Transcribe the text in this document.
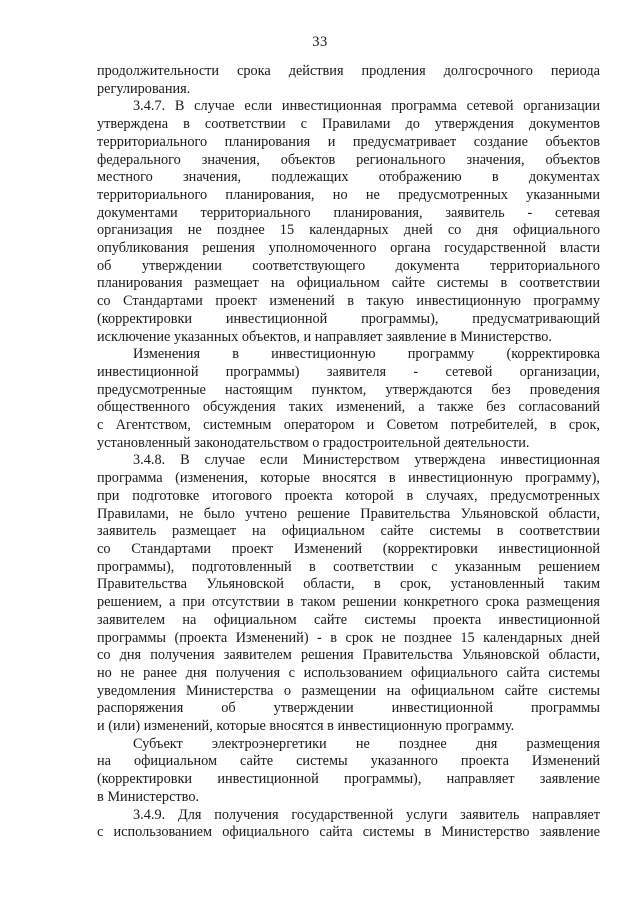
33
продолжительности срока действия продления долгосрочного периода
регулирования.
3.4.7. В случае если инвестиционная программа сетевой организации
утверждена в соответствии с Правилами до утверждения документов
территориального планирования и предусматривает создание объектов
федерального значения, объектов регионального значения, объектов
местного значения, подлежащих отображению в документах
территориального планирования, но не предусмотренных указанными
документами территориального планирования, заявитель - сетевая
организация не позднее 15 календарных дней со дня официального
опубликования решения уполномоченного органа государственной власти
об утверждении соответствующего документа территориального
планирования размещает на официальном сайте системы в соответствии
со Стандартами проект изменений в такую инвестиционную программу
(корректировки инвестиционной программы), предусматривающий
исключение указанных объектов, и направляет заявление в Министерство.
Изменения в инвестиционную программу (корректировка
инвестиционной программы) заявителя - сетевой организации,
предусмотренные настоящим пунктом, утверждаются без проведения
общественного обсуждения таких изменений, а также без согласований
с Агентством, системным оператором и Советом потребителей, в срок,
установленный законодательством о градостроительной деятельности.
3.4.8. В случае если Министерством утверждена инвестиционная
программа (изменения, которые вносятся в инвестиционную программу),
при подготовке итогового проекта которой в случаях, предусмотренных
Правилами, не было учтено решение Правительства Ульяновской области,
заявитель размещает на официальном сайте системы в соответствии
со Стандартами проект Изменений (корректировки инвестиционной
программы), подготовленный в соответствии с указанным решением
Правительства Ульяновской области, в срок, установленный таким
решением, а при отсутствии в таком решении конкретного срока размещения
заявителем на официальном сайте системы проекта инвестиционной
программы (проекта Изменений) - в срок не позднее 15 календарных дней
со дня получения заявителем решения Правительства Ульяновской области,
но не ранее дня получения с использованием официального сайта системы
уведомления Министерства о размещении на официальном сайте системы
распоряжения об утверждении инвестиционной программы
и (или) изменений, которые вносятся в инвестиционную программу.
Субъект электроэнергетики не позднее дня размещения
на официальном сайте системы указанного проекта Изменений
(корректировки инвестиционной программы), направляет заявление
в Министерство.
3.4.9. Для получения государственной услуги заявитель направляет
с использованием официального сайта системы в Министерство заявление
